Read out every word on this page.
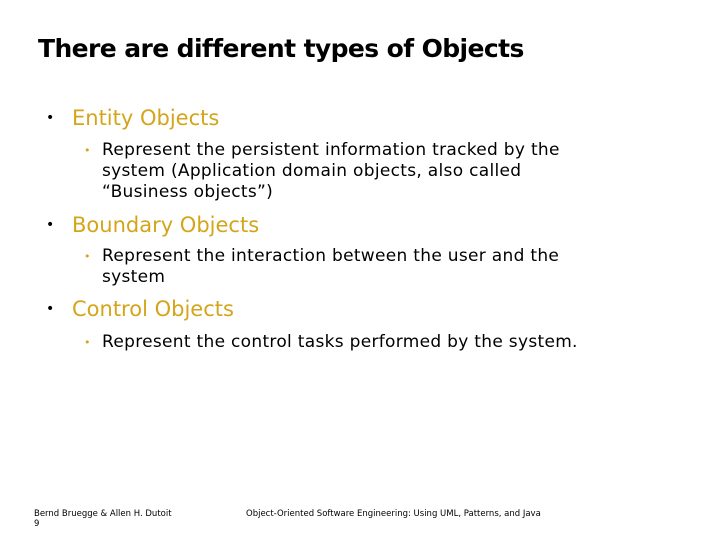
There are different types of Objects
• Entity Objects
• Represent the persistent information tracked by the
system (Application domain objects, also called
“Business objects”)
• Boundary Objects
• Represent the interaction between the user and the
system
• Control Objects
• Represent the control tasks performed by the system.
Bernd Bruegge & Allen H. Dutoit
9
Object-Oriented Software Engineering: Using UML, Patterns, and Java
